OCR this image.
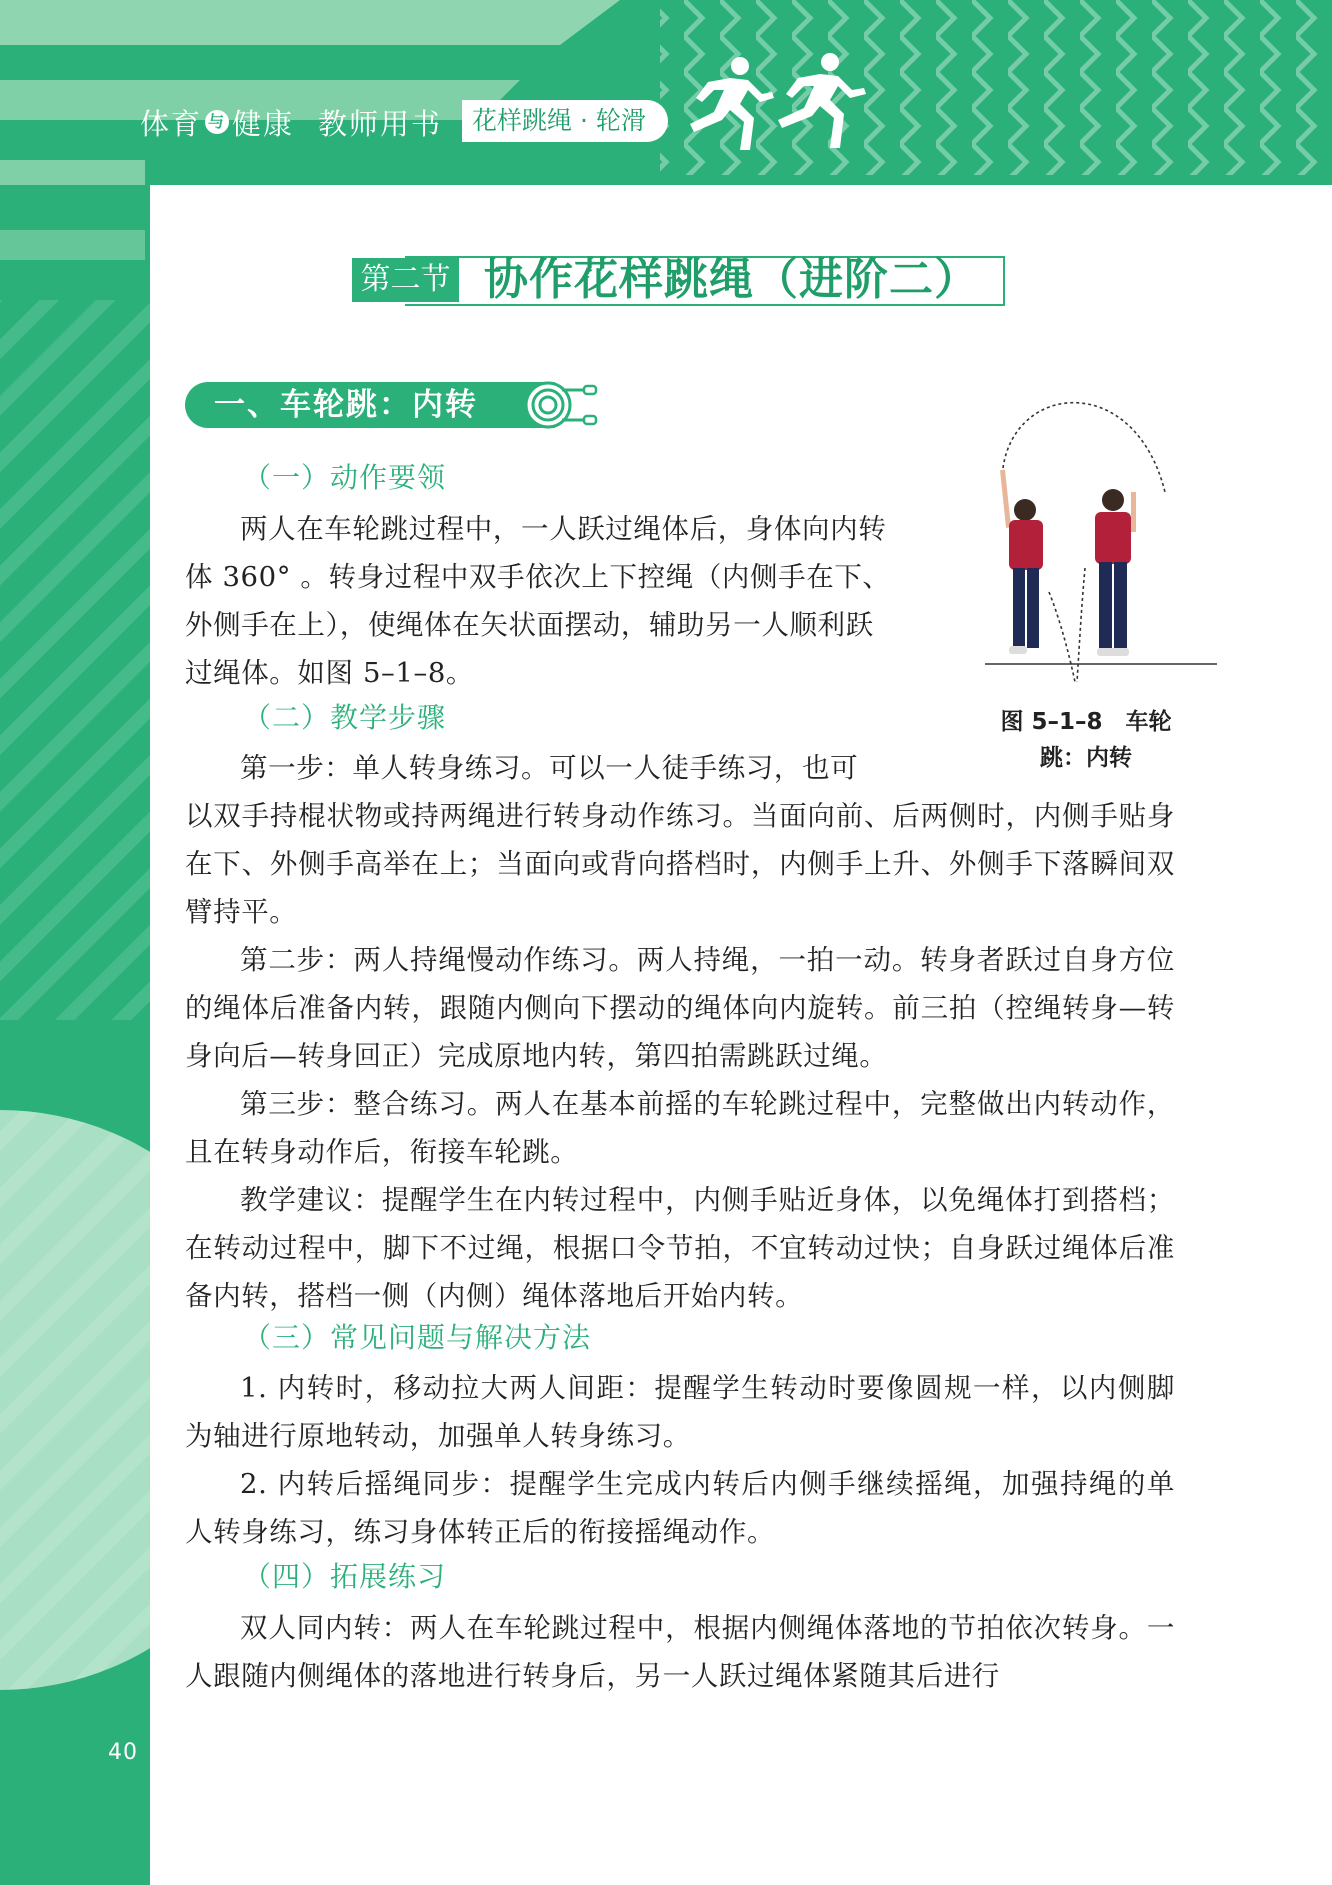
体育 与 健康 教师用书	花样跳绳 · 轮滑
第二节 协作花样跳绳（进阶二）
一、车轮跳：内转
（一）动作要领

两人在车轮跳过程中，一人跃过绳体后，身体向内转

体 360° 。转身过程中双手依次上下控绳（内侧手在下、

外侧手在上），使绳体在矢状面摆动，辅助另一人顺利跃

过绳体。如图 5–1–8。

图 5–1–8　车轮
跳：内转
（二）教学步骤

第一步：单人转身练习。可以一人徒手练习，也可

以双手持棍状物或持两绳进行转身动作练习。当面向前、后两侧时，内侧手贴身在下、外侧手高举在上；当面向或背向搭档时，内侧手上升、外侧手下落瞬间双臂持平。

第二步：两人持绳慢动作练习。两人持绳，一拍一动。转身者跃过自身方位的绳体后准备内转，跟随内侧向下摆动的绳体向内旋转。前三拍（控绳转身—转身向后—转身回正）完成原地内转，第四拍需跳跃过绳。

第三步：整合练习。两人在基本前摇的车轮跳过程中，完整做出内转动作，且在转身动作后，衔接车轮跳。

教学建议：提醒学生在内转过程中，内侧手贴近身体，以免绳体打到搭档；在转动过程中，脚下不过绳，根据口令节拍，不宜转动过快；自身跃过绳体后准备内转，搭档一侧（内侧）绳体落地后开始内转。

（三）常见问题与解决方法

1. 内转时，移动拉大两人间距：提醒学生转动时要像圆规一样，以内侧脚为轴进行原地转动，加强单人转身练习。

2. 内转后摇绳同步：提醒学生完成内转后内侧手继续摇绳，加强持绳的单人转身练习，练习身体转正后的衔接摇绳动作。

（四）拓展练习

双人同内转：两人在车轮跳过程中，根据内侧绳体落地的节拍依次转身。一人跟随内侧绳体的落地进行转身后，另一人跃过绳体紧随其后进行

40
